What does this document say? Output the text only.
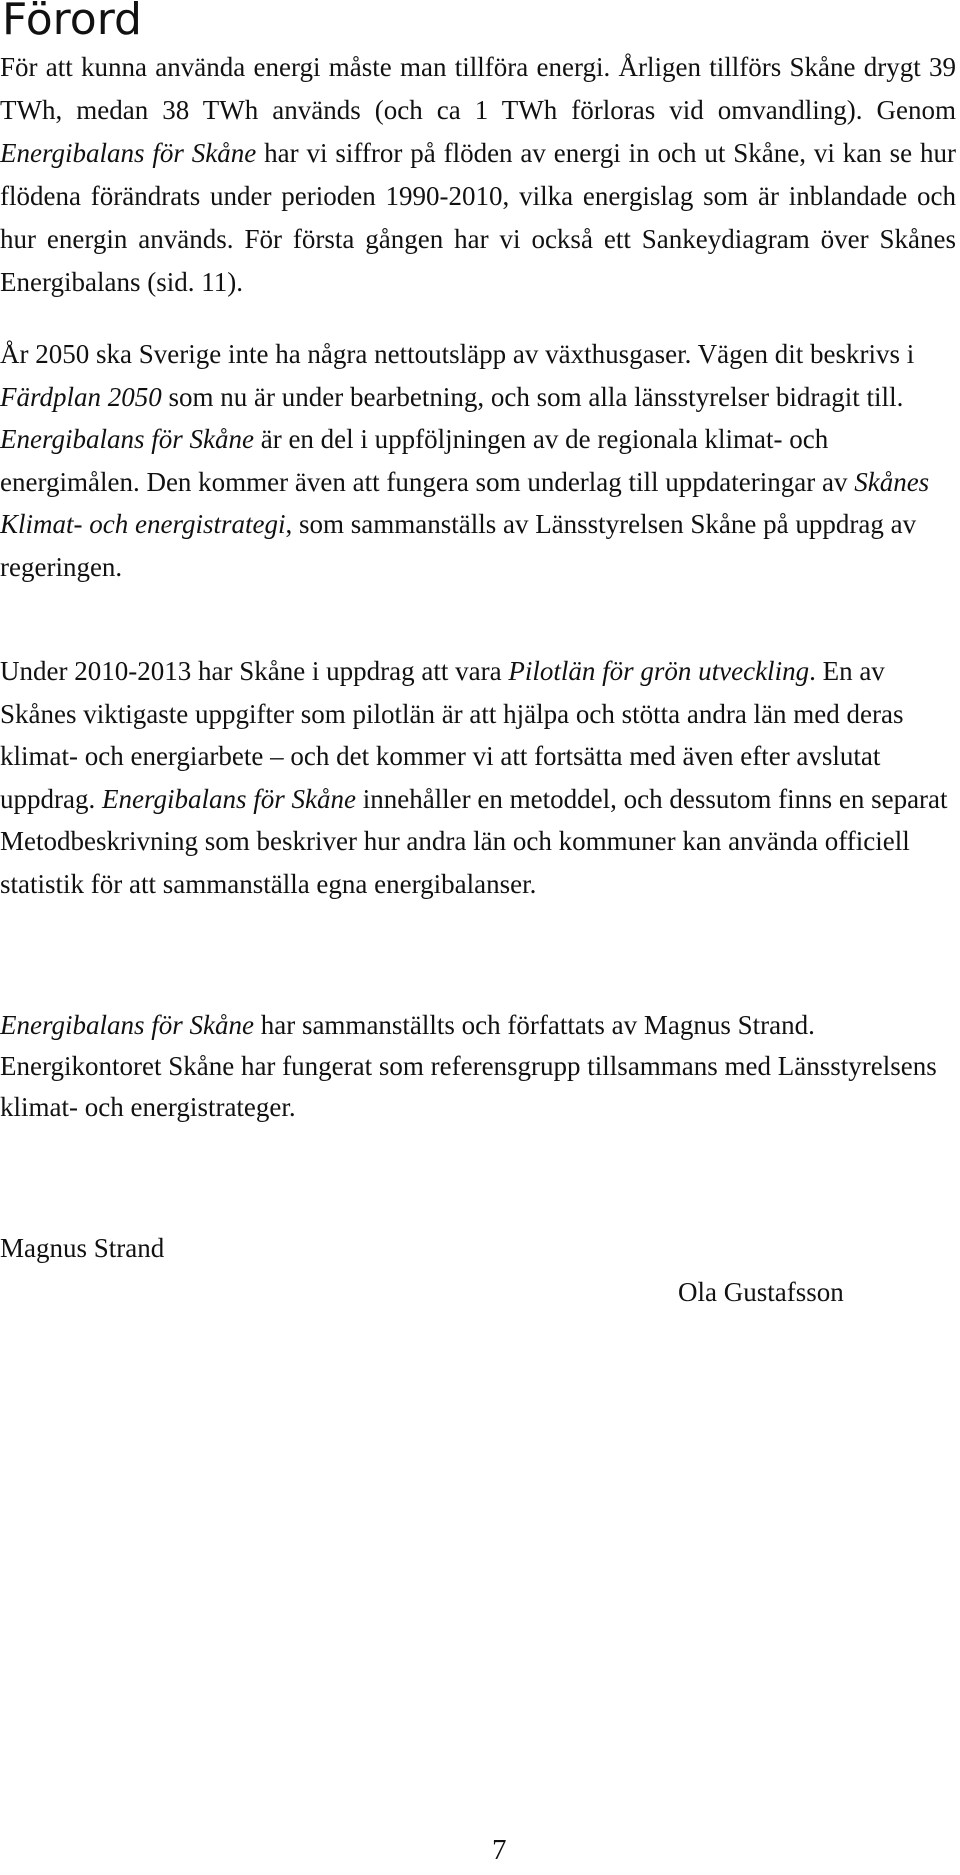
Förord

För att kunna använda energi måste man tillföra energi. Årligen tillförs Skåne drygt 39 TWh, medan 38 TWh används (och ca 1 TWh förloras vid omvandling). Genom Energibalans för Skåne har vi siffror på flöden av energi in och ut Skåne, vi kan se hur flödena förändrats under perioden 1990-2010, vilka energislag som är inblandade och hur energin används. För första gången har vi också ett Sankeydiagram över Skånes Energibalans (sid. 11).

År 2050 ska Sverige inte ha några nettoutsläpp av växthusgaser. Vägen dit beskrivs i Färdplan 2050 som nu är under bearbetning, och som alla länsstyrelser bidragit till. Energibalans för Skåne är en del i uppföljningen av de regionala klimat- och energimålen. Den kommer även att fungera som underlag till uppdateringar av Skånes Klimat- och energistrategi, som sammanställs av Länsstyrelsen Skåne på uppdrag av regeringen.

Under 2010-2013 har Skåne i uppdrag att vara Pilotlän för grön utveckling. En av Skånes viktigaste uppgifter som pilotlän är att hjälpa och stötta andra län med deras klimat- och energiarbete – och det kommer vi att fortsätta med även efter avslutat uppdrag. Energibalans för Skåne innehåller en metoddel, och dessutom finns en separat Metodbeskrivning som beskriver hur andra län och kommuner kan använda officiell statistik för att sammanställa egna energibalanser.

Energibalans för Skåne har sammanställts och författats av Magnus Strand. Energikontoret Skåne har fungerat som referensgrupp tillsammans med Länsstyrelsens klimat- och energistrateger.

Magnus Strand

Ola Gustafsson

7
